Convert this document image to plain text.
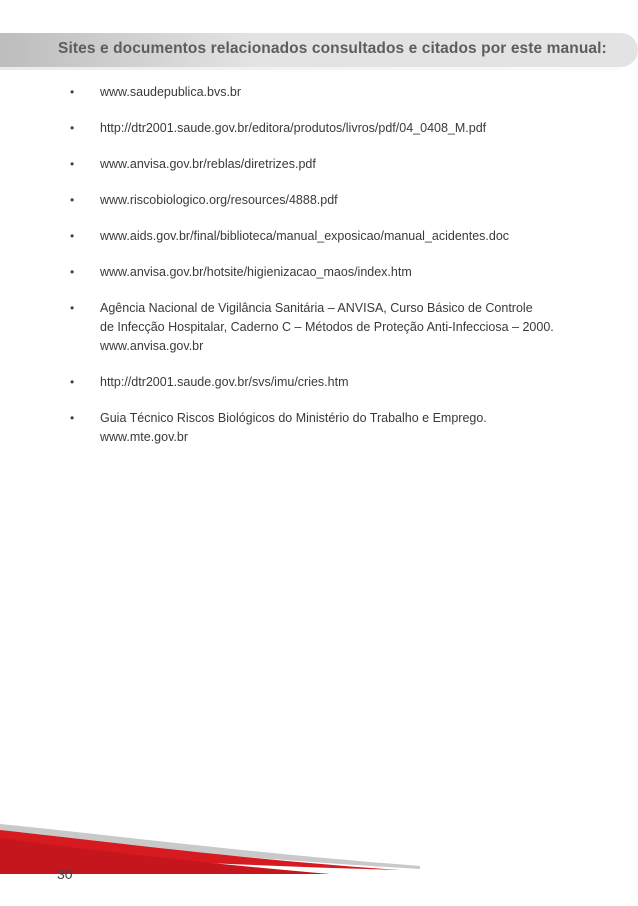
Sites e documentos relacionados consultados e citados por este manual:
• www.saudepublica.bvs.br
• http://dtr2001.saude.gov.br/editora/produtos/livros/pdf/04_0408_M.pdf
• www.anvisa.gov.br/reblas/diretrizes.pdf
• www.riscobiologico.org/resources/4888.pdf
• www.aids.gov.br/final/biblioteca/manual_exposicao/manual_acidentes.doc
• www.anvisa.gov.br/hotsite/higienizacao_maos/index.htm
• Agência Nacional de Vigilância Sanitária – ANVISA, Curso Básico de Controle
de Infecção Hospitalar, Caderno C – Métodos de Proteção Anti-Infecciosa – 2000.
www.anvisa.gov.br
• http://dtr2001.saude.gov.br/svs/imu/cries.htm
• Guia Técnico Riscos Biológicos do Ministério do Trabalho e Emprego.
www.mte.gov.br
30
